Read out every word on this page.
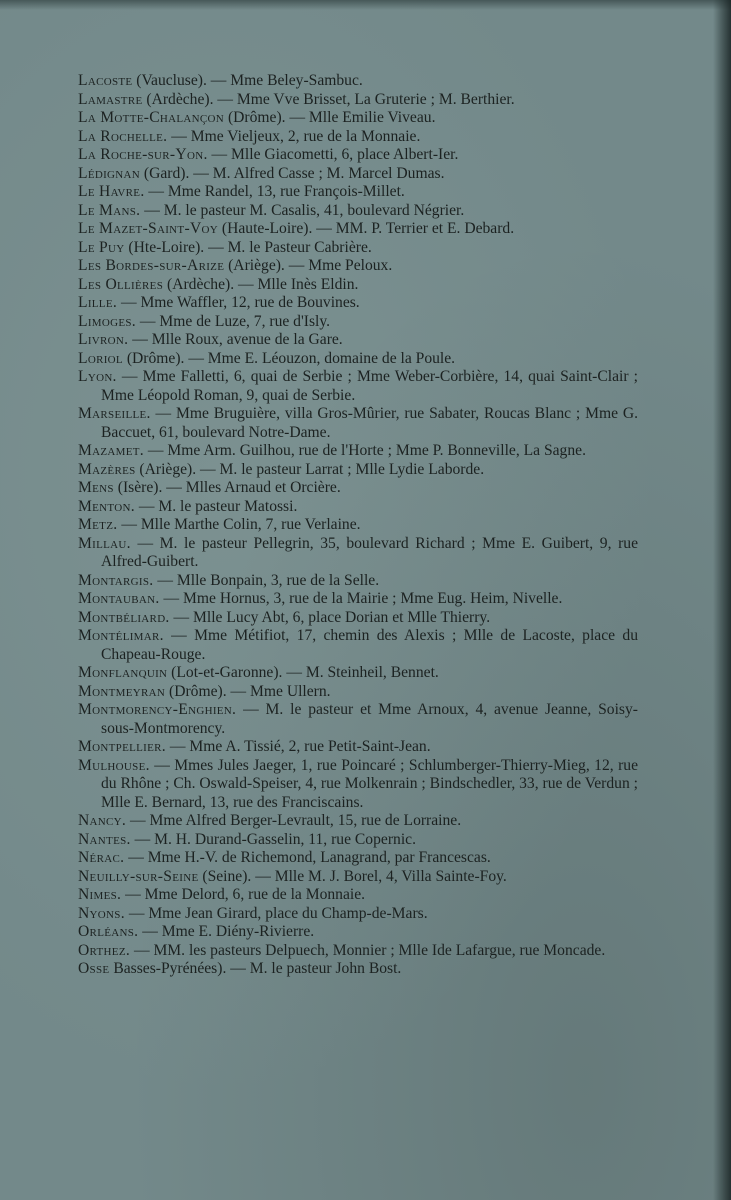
Lacoste (Vaucluse). — Mme Beley-Sambuc.
Lamastre (Ardèche). — Mme Vve Brisset, La Gruterie ; M. Berthier.
La Motte-Chalançon (Drôme). — Mlle Emilie Viveau.
La Rochelle. — Mme Vieljeux, 2, rue de la Monnaie.
La Roche-sur-Yon. — Mlle Giacometti, 6, place Albert-Ier.
Lédignan (Gard). — M. Alfred Casse ; M. Marcel Dumas.
Le Havre. — Mme Randel, 13, rue François-Millet.
Le Mans. — M. le pasteur M. Casalis, 41, boulevard Négrier.
Le Mazet-Saint-Voy (Haute-Loire). — MM. P. Terrier et E. Debard.
Le Puy (Hte-Loire). — M. le Pasteur Cabrière.
Les Bordes-sur-Arize (Ariège). — Mme Peloux.
Les Ollières (Ardèche). — Mlle Inès Eldin.
Lille. — Mme Waffler, 12, rue de Bouvines.
Limoges. — Mme de Luze, 7, rue d'Isly.
Livron. — Mlle Roux, avenue de la Gare.
Loriol (Drôme). — Mme E. Léouzon, domaine de la Poule.
Lyon. — Mme Falletti, 6, quai de Serbie ; Mme Weber-Corbière, 14, quai Saint-Clair ; Mme Léopold Roman, 9, quai de Serbie.
Marseille. — Mme Bruguière, villa Gros-Mûrier, rue Sabater, Roucas Blanc ; Mme G. Baccuet, 61, boulevard Notre-Dame.
Mazamet. — Mme Arm. Guilhou, rue de l'Horte ; Mme P. Bonneville, La Sagne.
Mazères (Ariège). — M. le pasteur Larrat ; Mlle Lydie Laborde.
Mens (Isère). — Mlles Arnaud et Orcière.
Menton. — M. le pasteur Matossi.
Metz. — Mlle Marthe Colin, 7, rue Verlaine.
Millau. — M. le pasteur Pellegrin, 35, boulevard Richard ; Mme E. Guibert, 9, rue Alfred-Guibert.
Montargis. — Mlle Bonpain, 3, rue de la Selle.
Montauban. — Mme Hornus, 3, rue de la Mairie ; Mme Eug. Heim, Nivelle.
Montbéliard. — Mlle Lucy Abt, 6, place Dorian et Mlle Thierry.
Montélimar. — Mme Métifiot, 17, chemin des Alexis ; Mlle de Lacoste, place du Chapeau-Rouge.
Monflanquin (Lot-et-Garonne). — M. Steinheil, Bennet.
Montmeyran (Drôme). — Mme Ullern.
Montmorency-Enghien. — M. le pasteur et Mme Arnoux, 4, avenue Jeanne, Soisy-sous-Montmorency.
Montpellier. — Mme A. Tissié, 2, rue Petit-Saint-Jean.
Mulhouse. — Mmes Jules Jaeger, 1, rue Poincaré ; Schlumberger-Thierry-Mieg, 12, rue du Rhône ; Ch. Oswald-Speiser, 4, rue Molkenrain ; Bindschedler, 33, rue de Verdun ; Mlle E. Bernard, 13, rue des Franciscains.
Nancy. — Mme Alfred Berger-Levrault, 15, rue de Lorraine.
Nantes. — M. H. Durand-Gasselin, 11, rue Copernic.
Nérac. — Mme H.-V. de Richemond, Lanagrand, par Francescas.
Neuilly-sur-Seine (Seine). — Mlle M. J. Borel, 4, Villa Sainte-Foy.
Nimes. — Mme Delord, 6, rue de la Monnaie.
Nyons. — Mme Jean Girard, place du Champ-de-Mars.
Orléans. — Mme E. Diény-Rivierre.
Orthez. — MM. les pasteurs Delpuech, Monnier ; Mlle Ide Lafargue, rue Moncade.
Osse Basses-Pyrénées). — M. le pasteur John Bost.
